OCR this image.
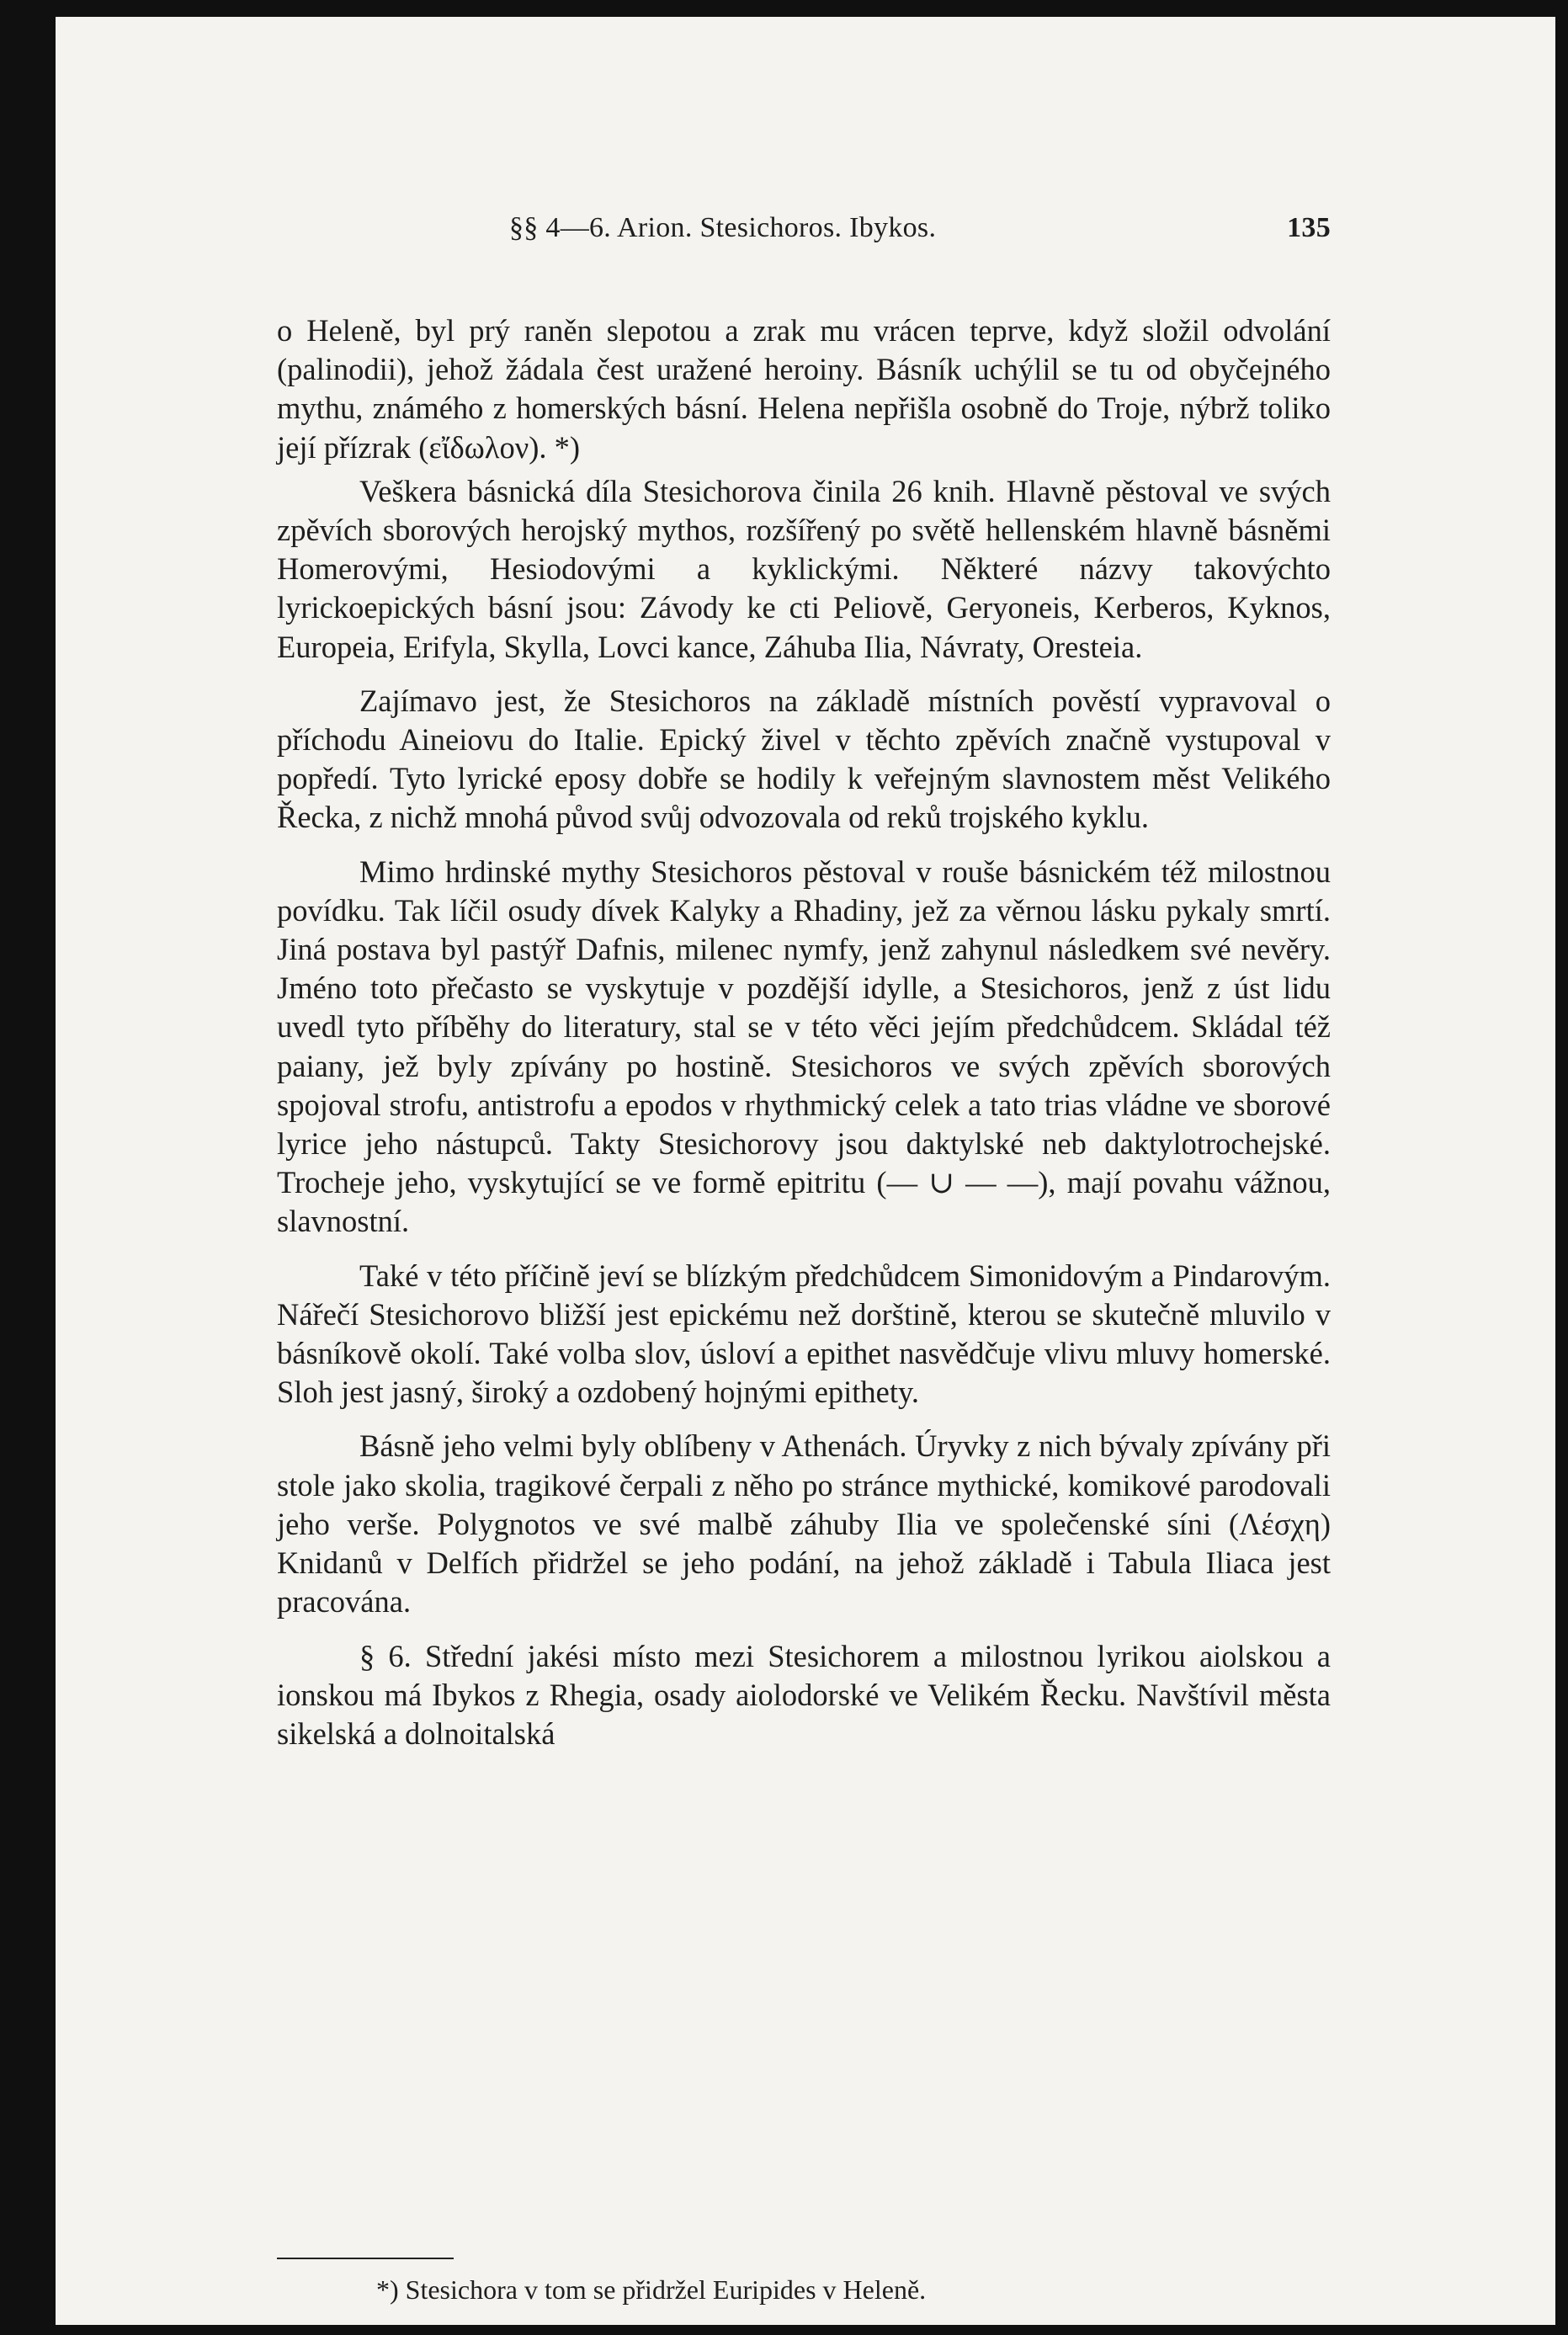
§§ 4—6. Arion. Stesichoros. Ibykos.	135

o Heleně, byl prý raněn slepotou a zrak mu vrácen teprve, když složil odvolání (palinodii), jehož žádala čest uražené heroiny. Básník uchýlil se tu od obyčejného mythu, známého z homerských básní. Helena nepřišla osobně do Troje, nýbrž toliko její přízrak (εἴδωλον). *)

Veškera básnická díla Stesichorova činila 26 knih. Hlavně pěstoval ve svých zpěvích sborových herojský mythos, rozšířený po světě hellenském hlavně básněmi Homerovými, Hesiodovými a kyklickými. Některé názvy takovýchto lyrickoepických básní jsou: Závody ke cti Peliově, Geryoneis, Kerberos, Kyknos, Europeia, Erifyla, Skylla, Lovci kance, Záhuba Ilia, Návraty, Oresteia.

Zajímavo jest, že Stesichoros na základě místních pověstí vypravoval o příchodu Aineiovu do Italie. Epický živel v těchto zpěvích značně vystupoval v popředí. Tyto lyrické eposy dobře se hodily k veřejným slavnostem měst Velikého Řecka, z nichž mnohá původ svůj odvozovala od reků trojského kyklu.

Mimo hrdinské mythy Stesichoros pěstoval v rouše básnickém též milostnou povídku. Tak líčil osudy dívek Kalyky a Rhadiny, jež za věrnou lásku pykaly smrtí. Jiná postava byl pastýř Dafnis, milenec nymfy, jenž zahynul následkem své nevěry. Jméno toto přečasto se vyskytuje v pozdější idylle, a Stesichoros, jenž z úst lidu uvedl tyto příběhy do literatury, stal se v této věci jejím předchůdcem. Skládal též paiany, jež byly zpívány po hostině. Stesichoros ve svých zpěvích sborových spojoval strofu, antistrofu a epodos v rhythmický celek a tato trias vládne ve sborové lyrice jeho nástupců. Takty Stesichorovy jsou daktylské neb daktylotrochejské. Trocheje jeho, vyskytující se ve formě epitritu (— ∪ — —), mají povahu vážnou, slavnostní.

Také v této příčině jeví se blízkým předchůdcem Simonidovým a Pindarovým. Nářečí Stesichorovo bližší jest epickému než dorštině, kterou se skutečně mluvilo v básníkově okolí. Také volba slov, úsloví a epithet nasvědčuje vlivu mluvy homerské. Sloh jest jasný, široký a ozdobený hojnými epithety.

Básně jeho velmi byly oblíbeny v Athenách. Úryvky z nich bývaly zpívány při stole jako skolia, tragikové čerpali z něho po stránce mythické, komikové parodovali jeho verše. Polygnotos ve své malbě záhuby Ilia ve společenské síni (Λέσχη) Knidanů v Delfích přidržel se jeho podání, na jehož základě i Tabula Iliaca jest pracována.

§ 6. Střední jakési místo mezi Stesichorem a milostnou lyrikou aiolskou a ionskou má Ibykos z Rhegia, osady aiolodorské ve Velikém Řecku. Navštívil města sikelská a dolnoitalská

*) Stesichora v tom se přidržel Euripides v Heleně.
